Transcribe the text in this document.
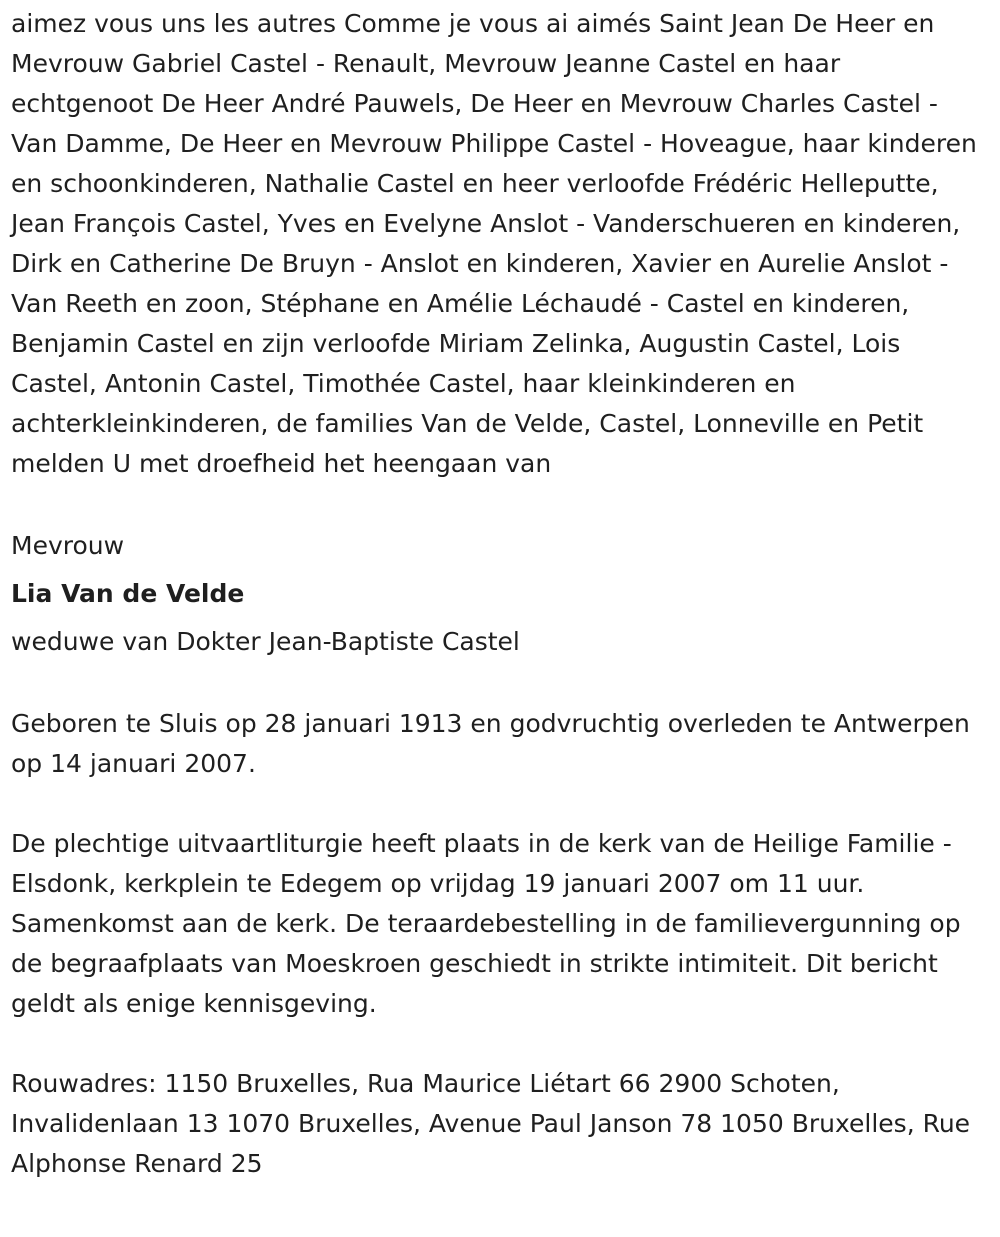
aimez vous uns les autres Comme je vous ai aimés Saint Jean De Heer en Mevrouw Gabriel Castel - Renault, Mevrouw Jeanne Castel en haar echtgenoot De Heer André Pauwels, De Heer en Mevrouw Charles Castel - Van Damme, De Heer en Mevrouw Philippe Castel - Hoveague, haar kinderen en schoonkinderen, Nathalie Castel en heer verloofde Frédéric Helleputte, Jean François Castel, Yves en Evelyne Anslot - Vanderschueren en kinderen, Dirk en Catherine De Bruyn - Anslot en kinderen, Xavier en Aurelie Anslot - Van Reeth en zoon, Stéphane en Amélie Léchaudé - Castel en kinderen, Benjamin Castel en zijn verloofde Miriam Zelinka, Augustin Castel, Lois Castel, Antonin Castel, Timothée Castel, haar kleinkinderen en achterkleinkinderen, de families Van de Velde, Castel, Lonneville en Petit melden U met droefheid het heengaan van

Mevrouw

Lia Van de Velde

weduwe van Dokter Jean-Baptiste Castel

Geboren te Sluis op 28 januari 1913 en godvruchtig overleden te Antwerpen op 14 januari 2007.

De plechtige uitvaartliturgie heeft plaats in de kerk van de Heilige Familie - Elsdonk, kerkplein te Edegem op vrijdag 19 januari 2007 om 11 uur. Samenkomst aan de kerk. De teraardebestelling in de familievergunning op de begraafplaats van Moeskroen geschiedt in strikte intimiteit. Dit bericht geldt als enige kennisgeving.

Rouwadres: 1150 Bruxelles, Rua Maurice Liétart 66 2900 Schoten, Invalidenlaan 13 1070 Bruxelles, Avenue Paul Janson 78 1050 Bruxelles, Rue Alphonse Renard 25
